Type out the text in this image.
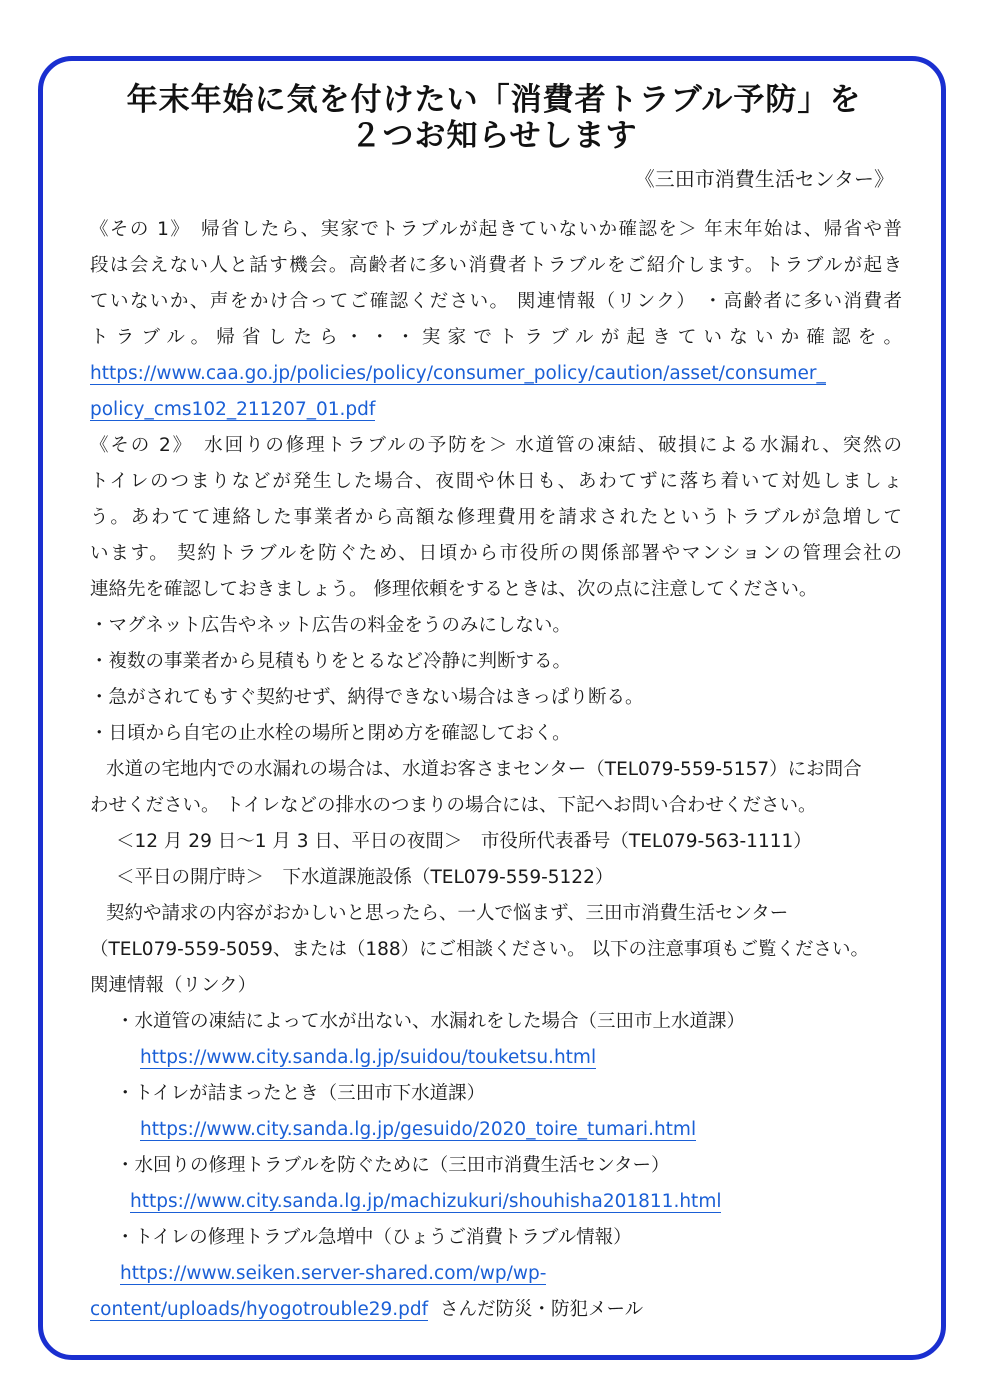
年末年始に気を付けたい「消費者トラブル予防」を
２つお知らせします
《三田市消費生活センター》

《その 1》　帰省したら、実家でトラブルが起きていないか確認を＞ 年末年始は、帰省や普

段は会えない人と話す機会。高齢者に多い消費者トラブルをご紹介します。トラブルが起き

ていないか、声をかけ合ってご確認ください。 関連情報（リンク） ・高齢者に多い消費者

トラブル。帰省したら・・・実家でトラブルが起きていないか確認を。

https://www.caa.go.jp/policies/policy/consumer_policy/caution/asset/consumer_

policy_cms102_211207_01.pdf

《その 2》　水回りの修理トラブルの予防を＞ 水道管の凍結、破損による水漏れ、突然の

トイレのつまりなどが発生した場合、夜間や休日も、あわてずに落ち着いて対処しましょ

う。あわてて連絡した事業者から高額な修理費用を請求されたというトラブルが急増して

います。 契約トラブルを防ぐため、日頃から市役所の関係部署やマンションの管理会社の

連絡先を確認しておきましょう。 修理依頼をするときは、次の点に注意してください。

・マグネット広告やネット広告の料金をうのみにしない。

・複数の事業者から見積もりをとるなど冷静に判断する。

・急がされてもすぐ契約せず、納得できない場合はきっぱり断る。

・日頃から自宅の止水栓の場所と閉め方を確認しておく。

水道の宅地内での水漏れの場合は、水道お客さまセンター（TEL079-559-5157）にお問合

わせください。 トイレなどの排水のつまりの場合には、下記へお問い合わせください。

＜12 月 29 日～1 月 3 日、平日の夜間＞　市役所代表番号（TEL079-563-1111）

＜平日の開庁時＞　下水道課施設係（TEL079-559-5122）

契約や請求の内容がおかしいと思ったら、一人で悩まず、三田市消費生活センター

（TEL079-559-5059、または（188）にご相談ください。 以下の注意事項もご覧ください。

関連情報（リンク）

・水道管の凍結によって水が出ない、水漏れをした場合（三田市上水道課）

https://www.city.sanda.lg.jp/suidou/touketsu.html

・トイレが詰まったとき（三田市下水道課）

https://www.city.sanda.lg.jp/gesuido/2020_toire_tumari.html

・水回りの修理トラブルを防ぐために（三田市消費生活センター）

https://www.city.sanda.lg.jp/machizukuri/shouhisha201811.html

・トイレの修理トラブル急増中（ひょうご消費トラブル情報）

https://www.seiken.server-shared.com/wp/wp-

content/uploads/hyogotrouble29.pdf さんだ防災・防犯メール
